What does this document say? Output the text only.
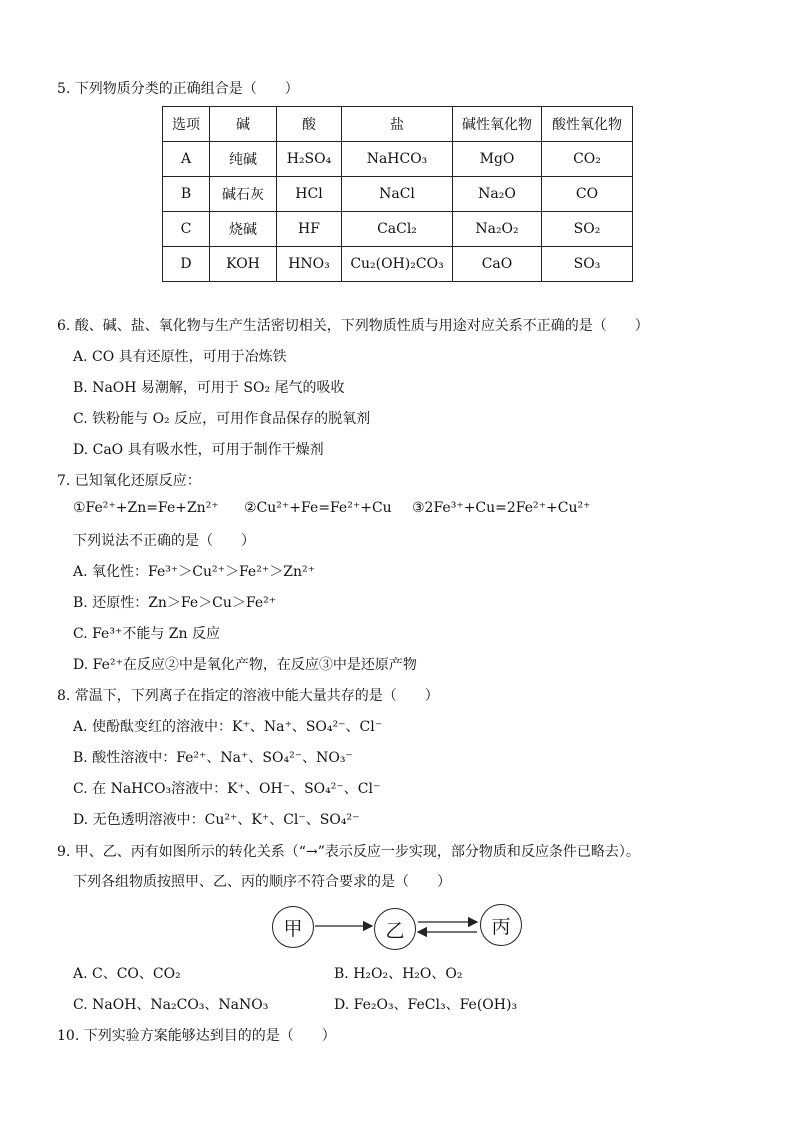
5. 下列物质分类的正确组合是（　　）
选项	碱	酸	盐	碱性氧化物	酸性氧化物
A	纯碱	H₂SO₄	NaHCO₃	MgO	CO₂
B	碱石灰	HCl	NaCl	Na₂O	CO
C	烧碱	HF	CaCl₂	Na₂O₂	SO₂
D	KOH	HNO₃	Cu₂(OH)₂CO₃	CaO	SO₃
6. 酸、碱、盐、氧化物与生产生活密切相关，下列物质性质与用途对应关系不正确的是（　　）
A. CO 具有还原性，可用于冶炼铁
B. NaOH 易潮解，可用于 SO₂ 尾气的吸收
C. 铁粉能与 O₂ 反应，可用作食品保存的脱氧剂
D. CaO 具有吸水性，可用于制作干燥剂
7. 已知氧化还原反应：
①Fe²⁺+Zn=Fe+Zn²⁺ ②Cu²⁺+Fe=Fe²⁺+Cu ③2Fe³⁺+Cu=2Fe²⁺+Cu²⁺
下列说法不正确的是（　　）
A. 氧化性：Fe³⁺＞Cu²⁺＞Fe²⁺＞Zn²⁺
B. 还原性：Zn＞Fe＞Cu＞Fe²⁺
C. Fe³⁺不能与 Zn 反应
D. Fe²⁺在反应②中是氧化产物，在反应③中是还原产物
8. 常温下，下列离子在指定的溶液中能大量共存的是（　　）
A. 使酚酞变红的溶液中：K⁺、Na⁺、SO₄²⁻、Cl⁻
B. 酸性溶液中：Fe²⁺、Na⁺、SO₄²⁻、NO₃⁻
C. 在 NaHCO₃溶液中：K⁺、OH⁻、SO₄²⁻、Cl⁻
D. 无色透明溶液中：Cu²⁺、K⁺、Cl⁻、SO₄²⁻
9. 甲、乙、丙有如图所示的转化关系（“→”表示反应一步实现，部分物质和反应条件已略去）。
下列各组物质按照甲、乙、丙的顺序不符合要求的是（　　）
甲	乙	丙
A. C、CO、CO₂	B. H₂O₂、H₂O、O₂
C. NaOH、Na₂CO₃、NaNO₃	D. Fe₂O₃、FeCl₃、Fe(OH)₃
10. 下列实验方案能够达到目的的是（　　）
